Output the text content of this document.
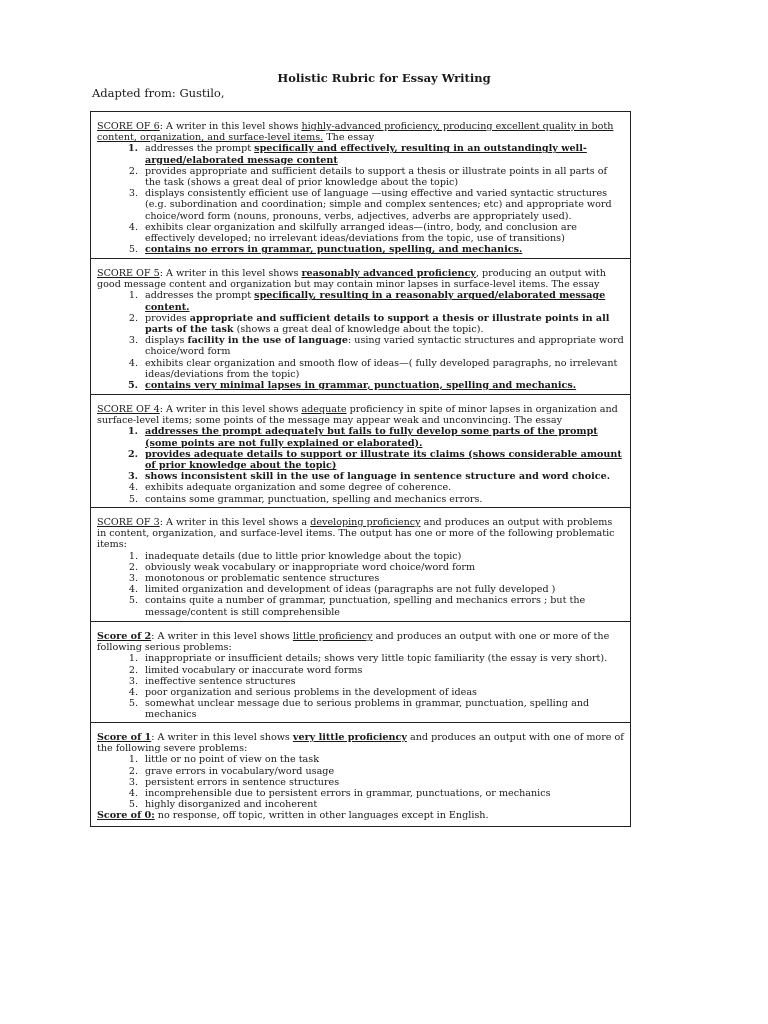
Holistic Rubric for Essay Writing
Adapted from: Gustilo,

SCORE OF 6: A writer in this level shows highly-advanced proficiency, producing excellent quality in both content, organization, and surface-level items. The essay

1. addresses the prompt specifically and effectively, resulting in an outstandingly well-argued/elaborated message content
2. provides appropriate and sufficient details to support a thesis or illustrate points in all parts of the task (shows a great deal of prior knowledge about the topic)
3. displays consistently efficient use of language —using effective and varied syntactic structures (e.g. subordination and coordination; simple and complex sentences; etc) and appropriate word choice/word form (nouns, pronouns, verbs, adjectives, adverbs are appropriately used).
4. exhibits clear organization and skilfully arranged ideas—(intro, body, and conclusion are effectively developed; no irrelevant ideas/deviations from the topic, use of transitions)
5. contains no errors in grammar, punctuation, spelling, and mechanics.

SCORE OF 5: A writer in this level shows reasonably advanced proficiency, producing an output with good message content and organization but may contain minor lapses in surface-level items. The essay

1. addresses the prompt specifically, resulting in a reasonably argued/elaborated message content.
2. provides appropriate and sufficient details to support a thesis or illustrate points in all parts of the task (shows a great deal of knowledge about the topic).
3. displays facility in the use of language: using varied syntactic structures and appropriate word choice/word form
4. exhibits clear organization and smooth flow of ideas—( fully developed paragraphs, no irrelevant ideas/deviations from the topic)
5. contains very minimal lapses in grammar, punctuation, spelling and mechanics.

SCORE OF 4: A writer in this level shows adequate proficiency in spite of minor lapses in organization and surface-level items; some points of the message may appear weak and unconvincing. The essay

1. addresses the prompt adequately but fails to fully develop some parts of the prompt (some points are not fully explained or elaborated).
2. provides adequate details to support or illustrate its claims (shows considerable amount of prior knowledge about the topic)
3. shows inconsistent skill in the use of language in sentence structure and word choice.
4. exhibits adequate organization and some degree of coherence.
5. contains some grammar, punctuation, spelling and mechanics errors.

SCORE OF 3: A writer in this level shows a developing proficiency and produces an output with problems in content, organization, and surface-level items. The output has one or more of the following problematic items:

1. inadequate details (due to little prior knowledge about the topic)
2. obviously weak vocabulary or inappropriate word choice/word form
3. monotonous or problematic sentence structures
4. limited organization and development of ideas (paragraphs are not fully developed )
5. contains quite a number of grammar, punctuation, spelling and mechanics errors ; but the message/content is still comprehensible

Score of 2: A writer in this level shows little proficiency and produces an output with one or more of the following serious problems:

1. inappropriate or insufficient details; shows very little topic familiarity (the essay is very short).
2. limited vocabulary or inaccurate word forms
3. ineffective sentence structures
4. poor organization and serious problems in the development of ideas
5. somewhat unclear message due to serious problems in grammar, punctuation, spelling and mechanics

Score of 1: A writer in this level shows very little proficiency and produces an output with one of more of the following severe problems:

1. little or no point of view on the task
2. grave errors in vocabulary/word usage
3. persistent errors in sentence structures
4. incomprehensible due to persistent errors in grammar, punctuations, or mechanics
5. highly disorganized and incoherent

Score of 0: no response, off topic, written in other languages except in English.
